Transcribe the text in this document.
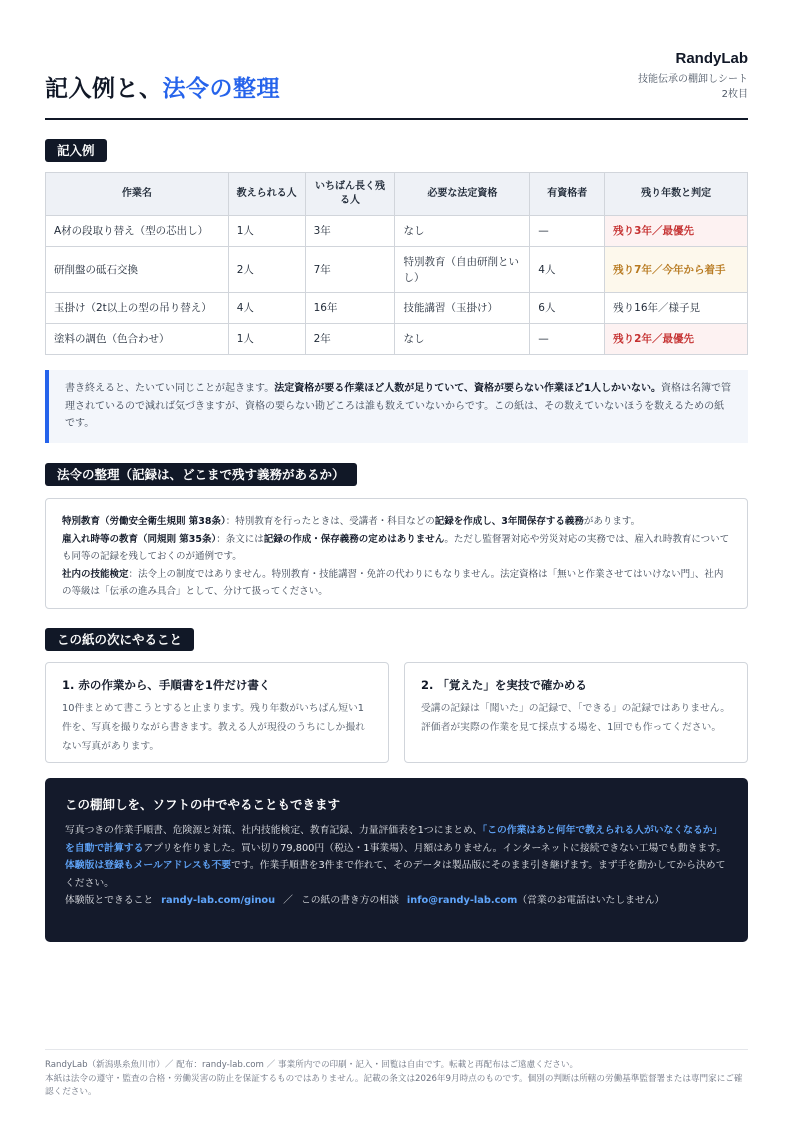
記入例と、法令の整理
RandyLab
技能伝承の棚卸しシート
2枚目
記入例
作業名	教えられる人	いちばん長く残る人	必要な法定資格	有資格者	残り年数と判定
A材の段取り替え（型の芯出し）	1人	3年	なし	—	残り3年／最優先
研削盤の砥石交換	2人	7年	特別教育（自由研削といし）	4人	残り7年／今年から着手
玉掛け（2t以上の型の吊り替え）	4人	16年	技能講習（玉掛け）	6人	残り16年／様子見
塗料の調色（色合わせ）	1人	2年	なし	—	残り2年／最優先
書き終えると、たいてい同じことが起きます。法定資格が要る作業ほど人数が足りていて、資格が要らない作業ほど1人しかいない。資格は名簿で管理されているので減れば気づきますが、資格の要らない勘どころは誰も数えていないからです。この紙は、その数えていないほうを数えるための紙です。
法令の整理（記録は、どこまで残す義務があるか）
特別教育（労働安全衛生規則 第38条）：特別教育を行ったときは、受講者・科目などの記録を作成し、3年間保存する義務があります。
雇入れ時等の教育（同規則 第35条）：条文には記録の作成・保存義務の定めはありません。ただし監督署対応や労災対応の実務では、雇入れ時教育についても同等の記録を残しておくのが通例です。
社内の技能検定：法令上の制度ではありません。特別教育・技能講習・免許の代わりにもなりません。法定資格は「無いと作業させてはいけない門」、社内の等級は「伝承の進み具合」として、分けて扱ってください。
この紙の次にやること
1. 赤の作業から、手順書を1件だけ書く
10件まとめて書こうとすると止まります。残り年数がいちばん短い1件を、写真を撮りながら書きます。教える人が現役のうちにしか撮れない写真があります。
2. 「覚えた」を実技で確かめる
受講の記録は「聞いた」の記録で、「できる」の記録ではありません。評価者が実際の作業を見て採点する場を、1回でも作ってください。
この棚卸しを、ソフトの中でやることもできます
写真つきの作業手順書、危険源と対策、社内技能検定、教育記録、力量評価表を1つにまとめ、「この作業はあと何年で教えられる人がいなくなるか」を自動で計算するアプリを作りました。買い切り79,800円（税込・1事業場）、月額はありません。インターネットに接続できない工場でも動きます。
体験版は登録もメールアドレスも不要です。作業手順書を3件まで作れて、そのデータは製品版にそのまま引き継げます。まず手を動かしてから決めてください。
体験版とできること randy-lab.com/ginou ／ この紙の書き方の相談 info@randy-lab.com（営業のお電話はいたしません）
RandyLab（新潟県糸魚川市）／ 配布：randy-lab.com ／ 事業所内での印刷・記入・回覧は自由です。転載と再配布はご遠慮ください。
本紙は法令の遵守・監査の合格・労働災害の防止を保証するものではありません。記載の条文は2026年9月時点のものです。個別の判断は所轄の労働基準監督署または専門家にご確認ください。
